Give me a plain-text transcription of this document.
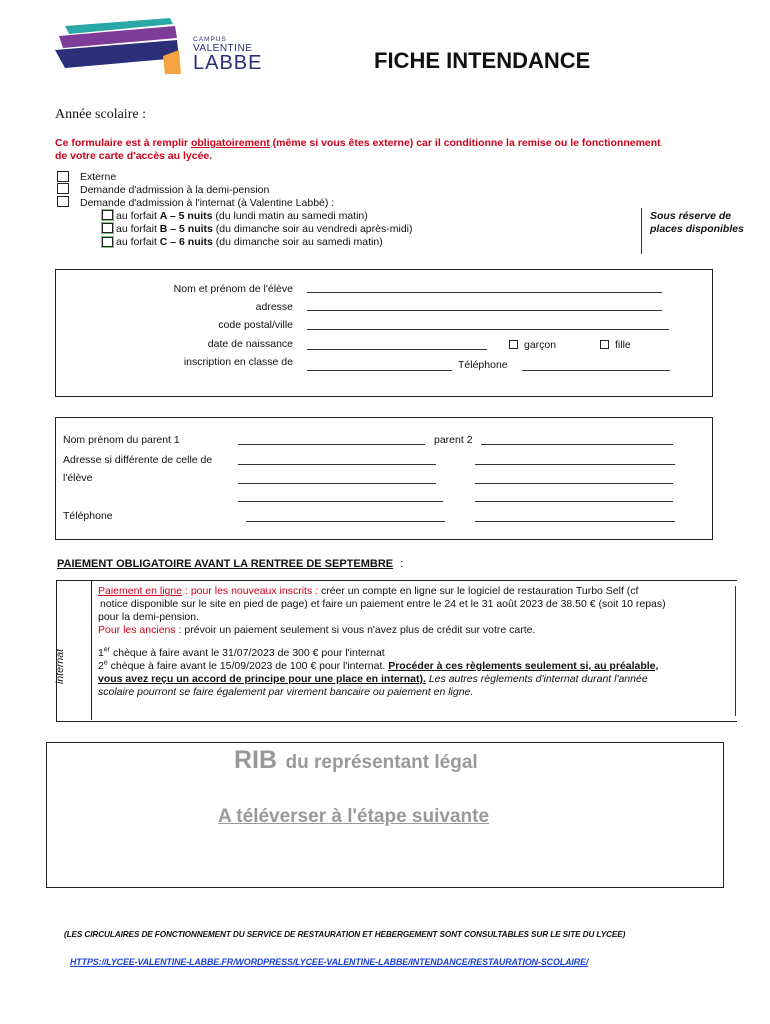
CAMPUS
VALENTINE
LABBE	FICHE INTENDANCE
Année scolaire :
Ce formulaire est à remplir obligatoirement (même si vous êtes externe) car il conditionne la remise ou le fonctionnement
de votre carte d'accès au lycée.
Externe
Demande d'admission à la demi-pension
Demande d'admission à l'internat (à Valentine Labbé) :
au forfait A – 5 nuits (du lundi matin au samedi matin)
au forfait B – 5 nuits (du dimanche soir au vendredi après-midi)
au forfait C – 6 nuits (du dimanche soir au samedi matin)
Sous réserve de
places disponibles
Nom et prénom de l'élève
adresse
code postal/ville
date de naissance	garçon	fille
inscription en classe de	Téléphone
Nom prénom du parent 1	parent 2
Adresse si différente de celle de
l'élève
Téléphone
PAIEMENT OBLIGATOIRE AVANT LA RENTREE DE SEPTEMBRE :
internat
Paiement en ligne : pour les nouveaux inscrits : créer un compte en ligne sur le logiciel de restauration Turbo Self (cf
notice disponible sur le site en pied de page) et faire un paiement entre le 24 et le 31 août 2023 de 38.50 € (soit 10 repas)
pour la demi-pension.
Pour les anciens : prévoir un paiement seulement si vous n'avez plus de crédit sur votre carte.
1er chèque à faire avant le 31/07/2023 de 300 € pour l'internat
2e chèque à faire avant le 15/09/2023 de 100 € pour l'internat. Procéder à ces règlements seulement si, au préalable,
vous avez reçu un accord de principe pour une place en internat). Les autres règlements d'internat durant l'année
scolaire pourront se faire également par virement bancaire ou paiement en ligne.
RIB du représentant légal
A téléverser à l'étape suivante
(LES CIRCULAIRES DE FONCTIONNEMENT DU SERVICE DE RESTAURATION ET HEBERGEMENT SONT CONSULTABLES SUR LE SITE DU LYCEE)
HTTPS://LYCEE-VALENTINE-LABBE.FR/WORDPRESS/LYCEE-VALENTINE-LABBE/INTENDANCE/RESTAURATION-SCOLAIRE/
